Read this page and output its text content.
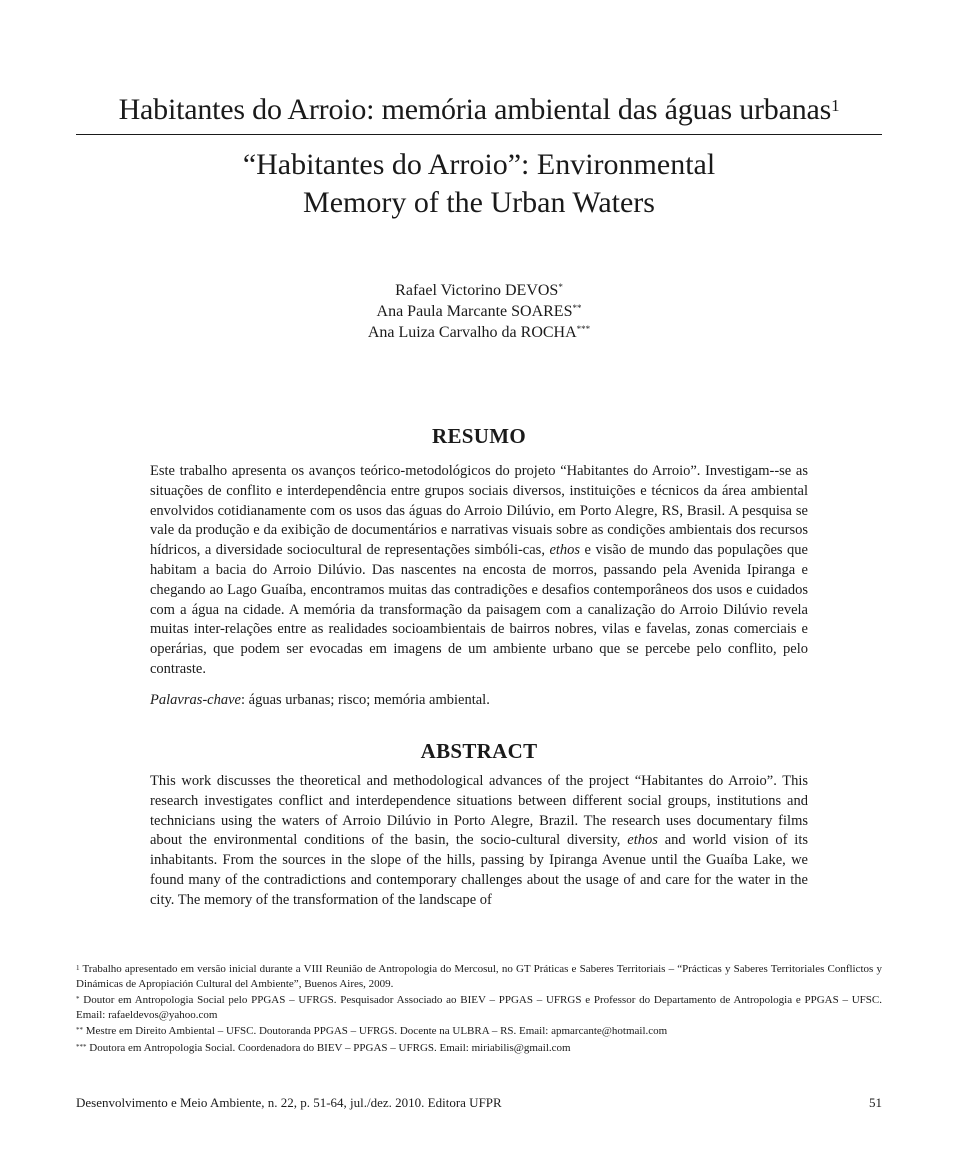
Habitantes do Arroio: memória ambiental das águas urbanas$^1$
“Habitantes do Arroio”: Environmental
Memory of the Urban Waters
Rafael Victorino DEVOS*
Ana Paula Marcante SOARES**
Ana Luiza Carvalho da ROCHA***
RESUMO
Este trabalho apresenta os avanços teórico-metodológicos do projeto “Habitantes do Arroio”. Investigam--se as situações de conflito e interdependência entre grupos sociais diversos, instituições e técnicos da área ambiental envolvidos cotidianamente com os usos das águas do Arroio Dilúvio, em Porto Alegre, RS, Brasil. A pesquisa se vale da produção e da exibição de documentários e narrativas visuais sobre as condições ambientais dos recursos hídricos, a diversidade sociocultural de representações simbóli-cas, ethos e visão de mundo das populações que habitam a bacia do Arroio Dilúvio. Das nascentes na encosta de morros, passando pela Avenida Ipiranga e chegando ao Lago Guaíba, encontramos muitas das contradições e desafios contemporâneos dos usos e cuidados com a água na cidade. A memória da transformação da paisagem com a canalização do Arroio Dilúvio revela muitas inter-relações entre as realidades socioambientais de bairros nobres, vilas e favelas, zonas comerciais e operárias, que podem ser evocadas em imagens de um ambiente urbano que se percebe pelo conflito, pelo contraste.
Palavras-chave: águas urbanas; risco; memória ambiental.
ABSTRACT
This work discusses the theoretical and methodological advances of the project “Habitantes do Arroio”. This research investigates conflict and interdependence situations between different social groups, institutions and technicians using the waters of Arroio Dilúvio in Porto Alegre, Brazil. The research uses documentary films about the environmental conditions of the basin, the socio-cultural diversity, ethos and world vision of its inhabitants. From the sources in the slope of the hills, passing by Ipiranga Avenue until the Guaíba Lake, we found many of the contradictions and contemporary challenges about the usage of and care for the water in the city. The memory of the transformation of the landscape of
$^1$ Trabalho apresentado em versão inicial durante a VIII Reunião de Antropologia do Mercosul, no GT Práticas e Saberes Territoriais – “Prácticas y Saberes Territoriales Conflictos y Dinámicas de Apropiación Cultural del Ambiente”, Buenos Aires, 2009.
* Doutor em Antropologia Social pelo PPGAS – UFRGS. Pesquisador Associado ao BIEV – PPGAS – UFRGS e Professor do Departamento de Antropologia e PPGAS – UFSC. Email: rafaeldevos@yahoo.com
** Mestre em Direito Ambiental – UFSC. Doutoranda PPGAS – UFRGS. Docente na ULBRA – RS. Email: apmarcante@hotmail.com
*** Doutora em Antropologia Social. Coordenadora do BIEV – PPGAS – UFRGS. Email: miriabilis@gmail.com
Desenvolvimento e Meio Ambiente, n. 22, p. 51-64, jul./dez. 2010. Editora UFPR	51
